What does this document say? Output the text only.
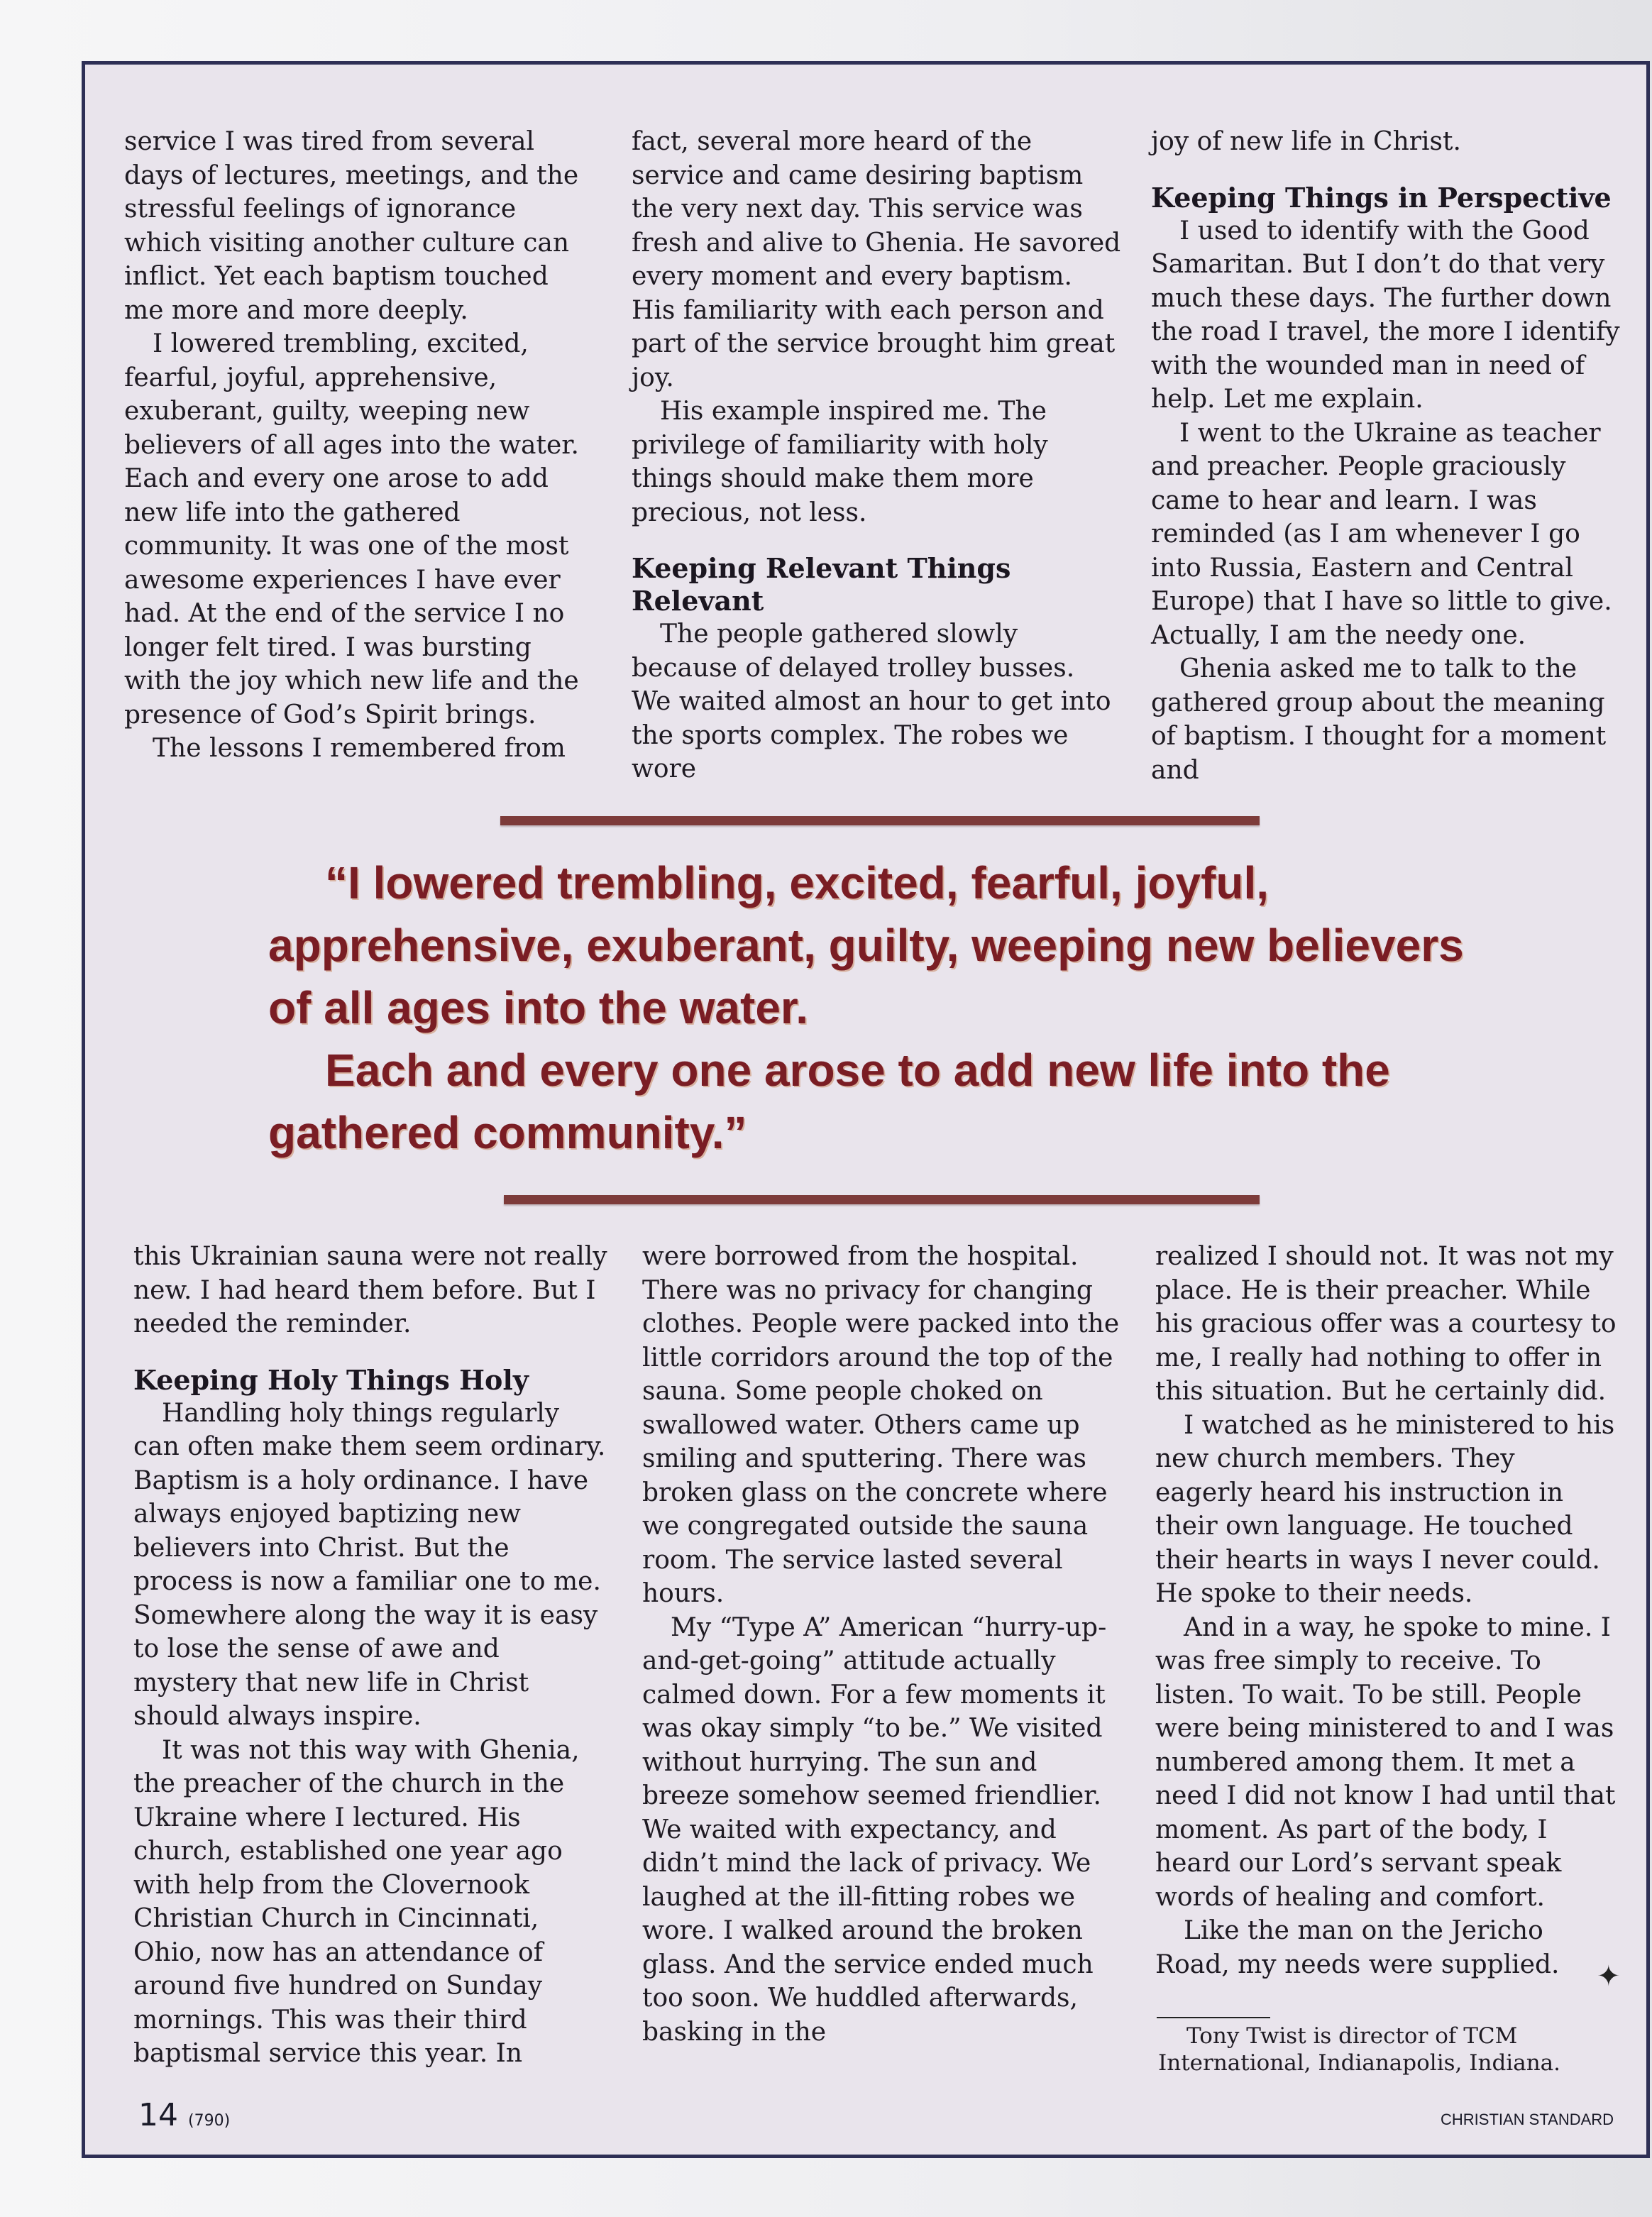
service I was tired from several days of lectures, meetings, and the stressful feelings of ignorance which visiting another culture can inflict. Yet each baptism touched me more and more deeply.

I lowered trembling, excited, fearful, joyful, apprehensive, exuberant, guilty, weeping new believers of all ages into the water. Each and every one arose to add new life into the gathered community. It was one of the most awesome experiences I have ever had. At the end of the service I no longer felt tired. I was bursting with the joy which new life and the presence of God’s Spirit brings.

The lessons I remembered from

fact, several more heard of the service and came desiring baptism the very next day. This service was fresh and alive to Ghenia. He savored every moment and every baptism. His familiarity with each person and part of the service brought him great joy.

His example inspired me. The privilege of familiarity with holy things should make them more precious, not less.

Keeping Relevant Things Relevant

The people gathered slowly because of delayed trolley busses. We waited almost an hour to get into the sports complex. The robes we wore

joy of new life in Christ.

Keeping Things in Perspective

I used to identify with the Good Samaritan. But I don’t do that very much these days. The further down the road I travel, the more I identify with the wounded man in need of help. Let me explain.

I went to the Ukraine as teacher and preacher. People graciously came to hear and learn. I was reminded (as I am whenever I go into Russia, Eastern and Central Europe) that I have so little to give. Actually, I am the needy one.

Ghenia asked me to talk to the gathered group about the meaning of baptism. I thought for a moment and

“I lowered trembling, excited, fearful, joyful, apprehensive, exuberant, guilty, weeping new believers of all ages into the water.

Each and every one arose to add new life into the gathered community.”

this Ukrainian sauna were not really new. I had heard them before. But I needed the reminder.

Keeping Holy Things Holy

Handling holy things regularly can often make them seem ordinary. Baptism is a holy ordinance. I have always enjoyed baptizing new believers into Christ. But the process is now a familiar one to me. Somewhere along the way it is easy to lose the sense of awe and mystery that new life in Christ should always inspire.

It was not this way with Ghenia, the preacher of the church in the Ukraine where I lectured. His church, established one year ago with help from the Clovernook Christian Church in Cincinnati, Ohio, now has an attendance of around five hundred on Sunday mornings. This was their third baptismal service this year. In

were borrowed from the hospital. There was no privacy for changing clothes. People were packed into the little corridors around the top of the sauna. Some people choked on swallowed water. Others came up smiling and sputtering. There was broken glass on the concrete where we congregated outside the sauna room. The service lasted several hours.

My “Type A” American “hurry-up-and-get-going” attitude actually calmed down. For a few moments it was okay simply “to be.” We visited without hurrying. The sun and breeze somehow seemed friendlier. We waited with expectancy, and didn’t mind the lack of privacy. We laughed at the ill-fitting robes we wore. I walked around the broken glass. And the service ended much too soon. We huddled afterwards, basking in the

realized I should not. It was not my place. He is their preacher. While his gracious offer was a courtesy to me, I really had nothing to offer in this situation. But he certainly did.

I watched as he ministered to his new church members. They eagerly heard his instruction in their own language. He touched their hearts in ways I never could. He spoke to their needs.

And in a way, he spoke to mine. I was free simply to receive. To listen. To wait. To be still. People were being ministered to and I was numbered among them. It met a need I did not know I had until that moment. As part of the body, I heard our Lord’s servant speak words of healing and comfort.

Like the man on the Jericho Road, my needs were supplied.	✦

Tony Twist is director of TCM International, Indianapolis, Indiana.

14 (790)	CHRISTIAN STANDARD
